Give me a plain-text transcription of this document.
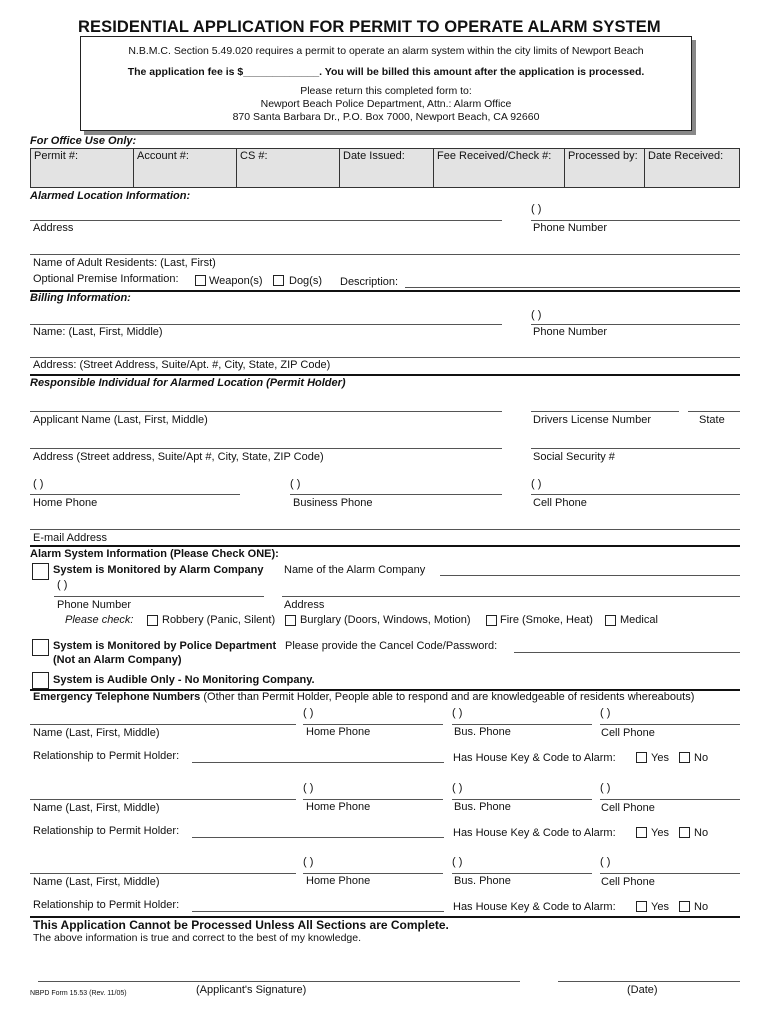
RESIDENTIAL APPLICATION FOR PERMIT TO OPERATE ALARM SYSTEM
N.B.M.C. Section 5.49.020 requires a permit to operate an alarm system within the city limits of Newport Beach
The application fee is $_____________. You will be billed this amount after the application is processed.
Please return this completed form to:
Newport Beach Police Department, Attn.: Alarm Office
870 Santa Barbara Dr., P.O. Box 7000, Newport Beach, CA 92660
For Office Use Only:
Permit #:	Account #:	CS #:	Date Issued:	Fee Received/Check #:	Processed by: Date Received:
Alarmed Location Information:
( )
Address	Phone Number
Name of Adult Residents: (Last, First)
Optional Premise Information:	Weapon(s) Dog(s) Description:
Billing Information:
( )
Name: (Last, First, Middle)	Phone Number
Address: (Street Address, Suite/Apt. #, City, State, ZIP Code)
Responsible Individual for Alarmed Location (Permit Holder)
Applicant Name (Last, First, Middle)	Drivers License Number	State
Address (Street address, Suite/Apt #, City, State, ZIP Code)	Social Security #
( )	( )	( )
Home Phone	Business Phone	Cell Phone
E-mail Address
Alarm System Information (Please Check ONE):
System is Monitored by Alarm Company Name of the Alarm Company
( )
Phone Number	Address
Please check:	Robbery (Panic, Silent) Burglary (Doors, Windows, Motion)	Fire (Smoke, Heat) Medical
System is Monitored by Police Department Please provide the Cancel Code/Password:
(Not an Alarm Company)
System is Audible Only - No Monitoring Company.
Emergency Telephone Numbers (Other than Permit Holder, People able to respond and are knowledgeable of residents whereabouts)
( )	( )	( )
Name (Last, First, Middle)	Home Phone	Bus. Phone	Cell Phone
Relationship to Permit Holder:	Has House Key & Code to Alarm:	Yes No
( )	( )	( )
Name (Last, First, Middle)	Home Phone	Bus. Phone	Cell Phone
Relationship to Permit Holder:	Has House Key & Code to Alarm:	Yes No
( )	( )	( )
Name (Last, First, Middle)	Home Phone	Bus. Phone	Cell Phone
Relationship to Permit Holder:	Has House Key & Code to Alarm:	Yes No
This Application Cannot be Processed Unless All Sections are Complete.
The above information is true and correct to the best of my knowledge.
NBPD Form 15.53 (Rev. 11/05)	(Applicant's Signature)	(Date)
